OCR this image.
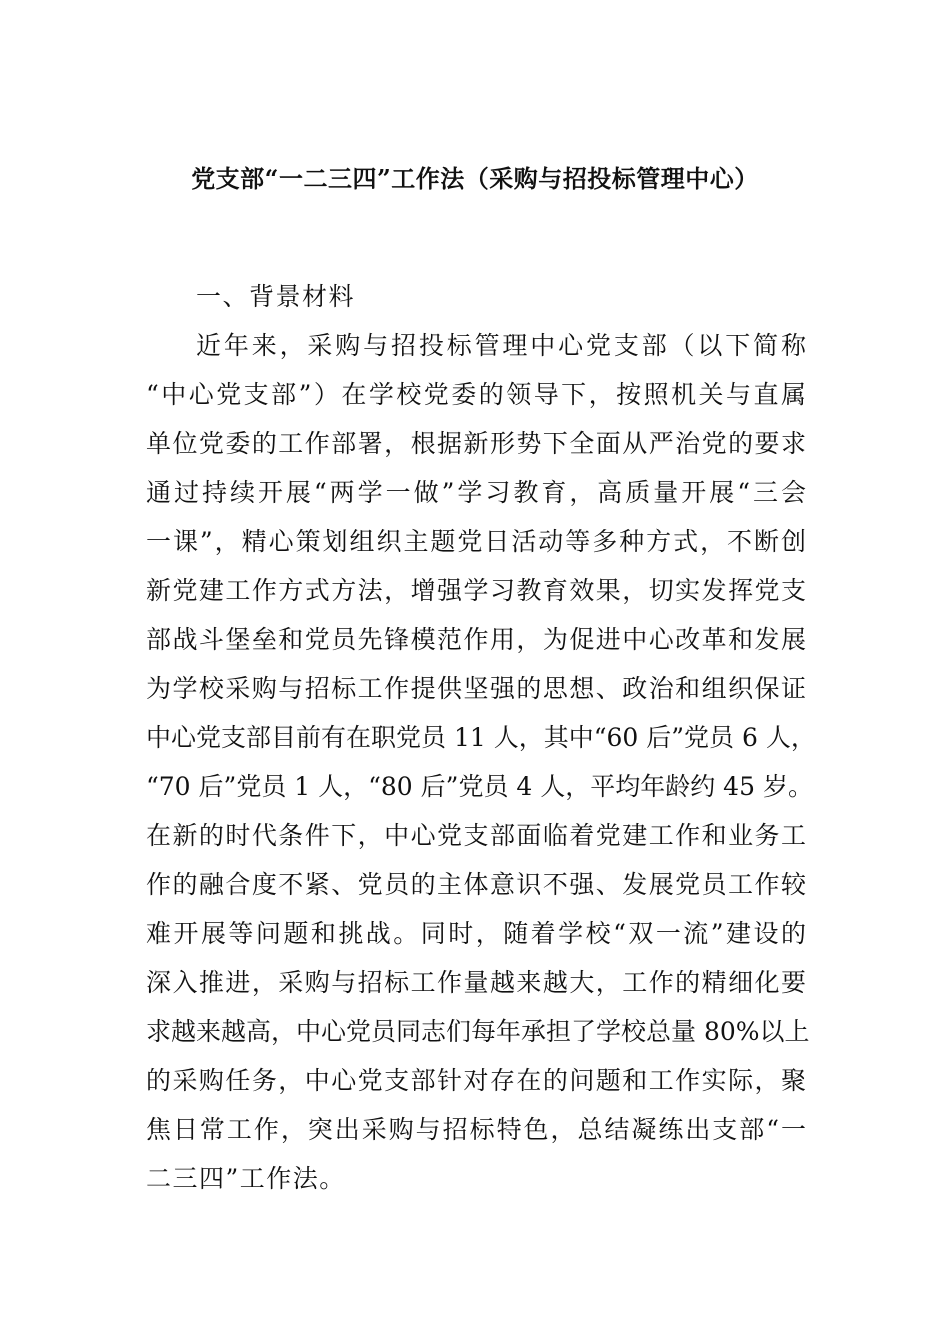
党支部“一二三四”工作法（采购与招投标管理中心）
一、背景材料
近年来，采购与招投标管理中心党支部（以下简称
“中心党支部”）在学校党委的领导下，按照机关与直属
单位党委的工作部署，根据新形势下全面从严治党的要求
通过持续开展“两学一做”学习教育，高质量开展“三会
一课”，精心策划组织主题党日活动等多种方式，不断创
新党建工作方式方法，增强学习教育效果，切实发挥党支
部战斗堡垒和党员先锋模范作用，为促进中心改革和发展
为学校采购与招标工作提供坚强的思想、政治和组织保证
中心党支部目前有在职党员 11 人，其中“60 后”党员 6 人，
“70 后”党员 1 人，“80 后”党员 4 人，平均年龄约 45 岁。
在新的时代条件下，中心党支部面临着党建工作和业务工
作的融合度不紧、党员的主体意识不强、发展党员工作较
难开展等问题和挑战。同时，随着学校“双一流”建设的
深入推进，采购与招标工作量越来越大，工作的精细化要
求越来越高，中心党员同志们每年承担了学校总量 80%以上
的采购任务，中心党支部针对存在的问题和工作实际，聚
焦日常工作，突出采购与招标特色，总结凝练出支部“一
二三四”工作法。
